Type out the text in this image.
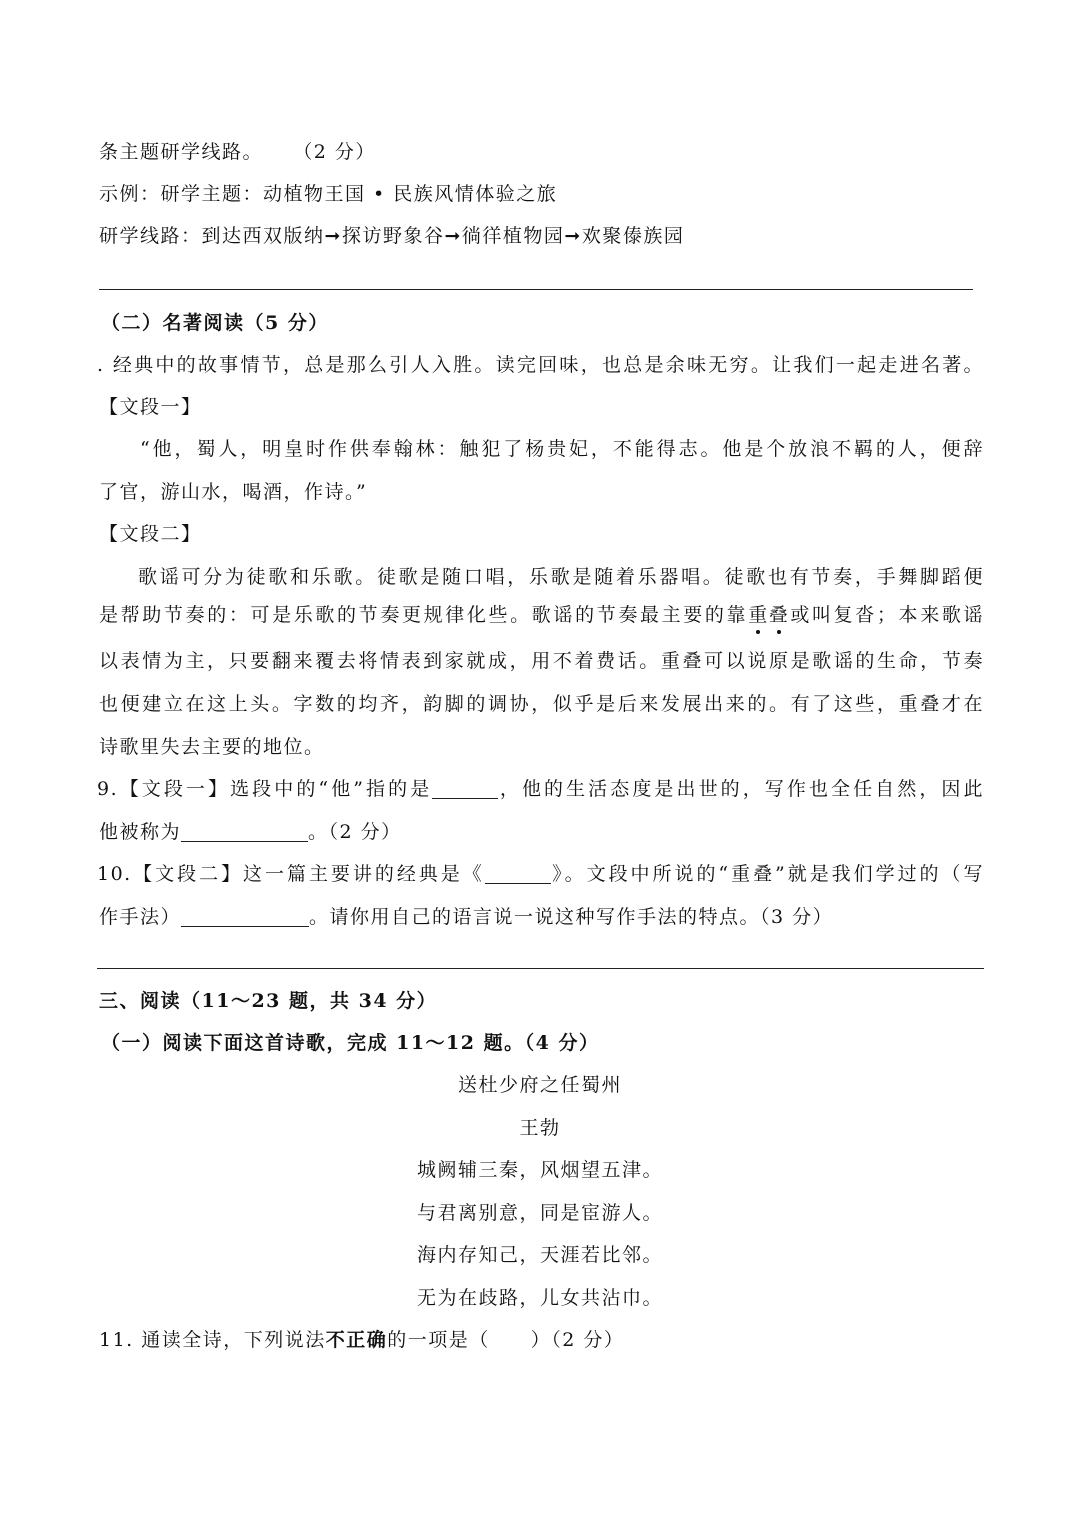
条主题研学线路。 （2 分）
示例：研学主题：动植物王国 • 民族风情体验之旅
研学线路：到达西双版纳➞探访野象谷➞徜徉植物园➞欢聚傣族园
（二）名著阅读（5 分）
. 经典中的故事情节，总是那么引人入胜。读完回味，也总是余味无穷。让我们一起走进名著。
【文段一】
“他，蜀人，明皇时作供奉翰林：触犯了杨贵妃，不能得志。他是个放浪不羁的人，便辞
了官，游山水，喝酒，作诗。”
【文段二】
歌谣可分为徒歌和乐歌。徒歌是随口唱，乐歌是随着乐器唱。徒歌也有节奏，手舞脚蹈便
是帮助节奏的：可是乐歌的节奏更规律化些。歌谣的节奏最主要的靠重叠或叫复沓；本来歌谣
以表情为主，只要翻来覆去将情表到家就成，用不着费话。重叠可以说原是歌谣的生命，节奏
也便建立在这上头。字数的均齐，韵脚的调协，似乎是后来发展出来的。有了这些，重叠才在
诗歌里失去主要的地位。
9.【文段一】选段中的“他”指的是	，他的生活态度是出世的，写作也全任自然，因此
他被称为	。（2 分）
10.【文段二】这一篇主要讲的经典是《	》。文段中所说的“重叠”就是我们学过的（写
作手法）	。请你用自己的语言说一说这种写作手法的特点。（3 分）
三、阅读（11～23 题，共 34 分）
（一）阅读下面这首诗歌，完成 11～12 题。（4 分）
送杜少府之任蜀州
王勃
城阙辅三秦，风烟望五津。
与君离别意，同是宦游人。
海内存知己，天涯若比邻。
无为在歧路，儿女共沾巾。
11. 通读全诗，下列说法不正确的一项是（　　）（2 分）
